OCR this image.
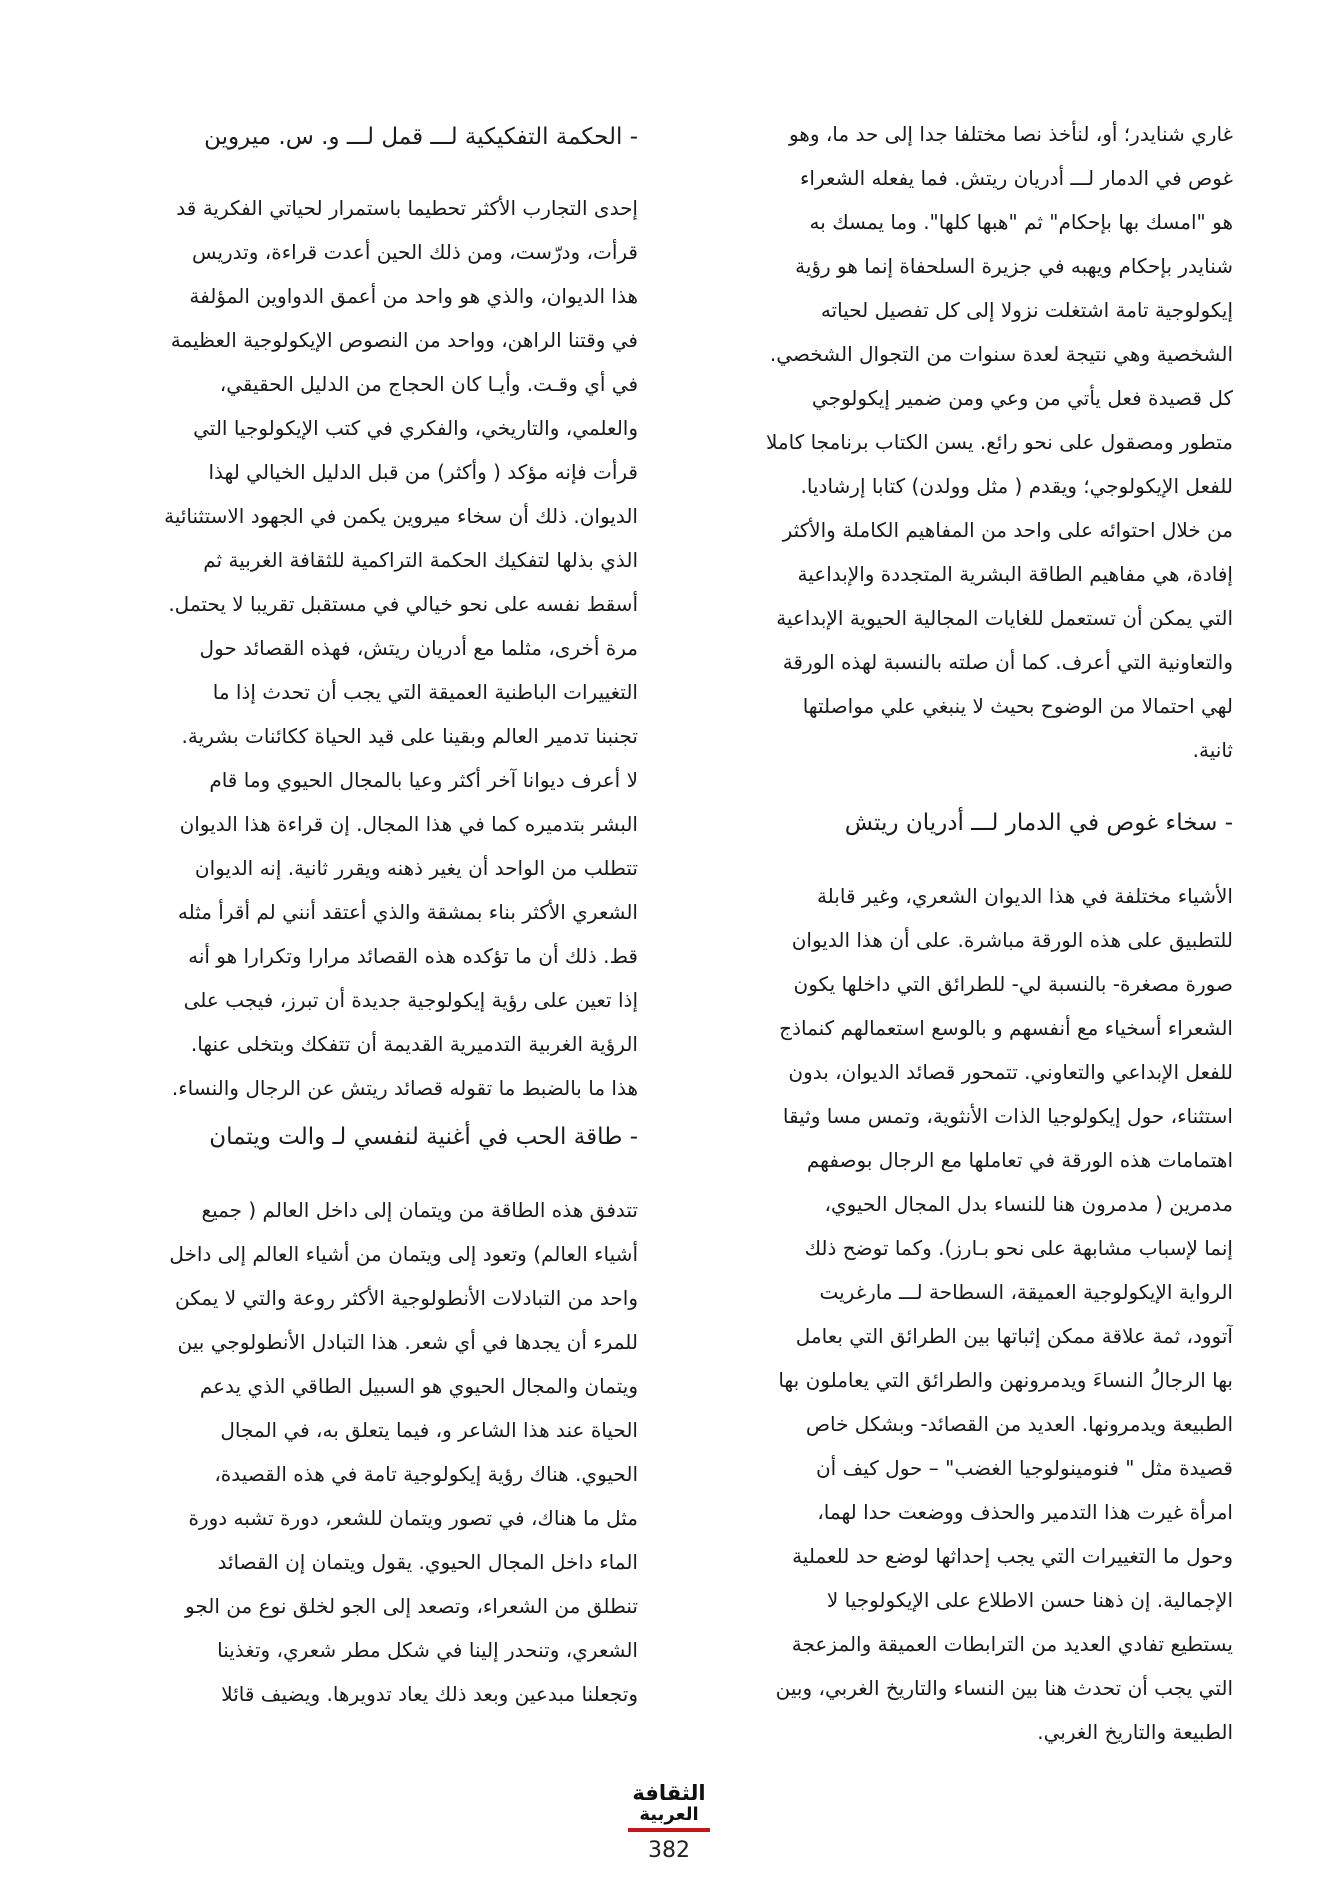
غاري شنايدر؛ أو، لنأخذ نصا مختلفا جدا إلى حد ما، وهو
غوص في الدمار لـــ أدريان ريتش. فما يفعله الشعراء
هو "امسك بها بإحكام" ثم "هبها كلها". وما يمسك به
شنايدر بإحكام ويهبه في جزيرة السلحفاة إنما هو رؤية
إيكولوجية تامة اشتغلت نزولا إلى كل تفصيل لحياته
الشخصية وهي نتيجة لعدة سنوات من التجوال الشخصي.
كل قصيدة فعل يأتي من وعي ومن ضمير إيكولوجي
متطور ومصقول على نحو رائع. يسن الكتاب برنامجا كاملا
للفعل الإيكولوجي؛ ويقدم ( مثل وولدن) كتابا إرشاديا.
من خلال احتوائه على واحد من المفاهيم الكاملة والأكثر
إفادة، هي مفاهيم الطاقة البشرية المتجددة والإبداعية
التي يمكن أن تستعمل للغايات المجالية الحيوية الإبداعية
والتعاونية التي أعرف. كما أن صلته بالنسبة لهذه الورقة
لهي احتمالا من الوضوح بحيث لا ينبغي علي مواصلتها
ثانية.
- سخاء غوص في الدمار لـــ أدريان ريتش
الأشياء مختلفة في هذا الديوان الشعري، وغير قابلة
للتطبيق على هذه الورقة مباشرة. على أن هذا الديوان
صورة مصغرة- بالنسبة لي- للطرائق التي داخلها يكون
الشعراء أسخياء مع أنفسهم و بالوسع استعمالهم كنماذج
للفعل الإبداعي والتعاوني. تتمحور قصائد الديوان، بدون
استثناء، حول إيكولوجيا الذات الأنثوية، وتمس مسا وثيقا
اهتمامات هذه الورقة في تعاملها مع الرجال بوصفهم
مدمرين ( مدمرون هنا للنساء بدل المجال الحيوي،
إنما لإسباب مشابهة على نحو بـارز). وكما توضح ذلك
الرواية الإيكولوجية العميقة، السطاحة لـــ مارغريت
آتوود، ثمة علاقة ممكن إثباتها بين الطرائق التي بعامل
بها الرجالُ النساءَ ويدمرونهن والطرائق التي يعاملون بها
الطبيعة ويدمرونها. العديد من القصائد- وبشكل خاص
قصيدة مثل " فنومينولوجيا الغضب" – حول كيف أن
امرأة غيرت هذا التدمير والحذف ووضعت حدا لهما،
وحول ما التغييرات التي يجب إحداثها لوضع حد للعملية
الإجمالية. إن ذهنا حسن الاطلاع على الإيكولوجيا لا
يستطيع تفادي العديد من الترابطات العميقة والمزعجة
التي يجب أن تحدث هنا بين النساء والتاريخ الغربي، وبين
الطبيعة والتاريخ الغربي.
- الحكمة التفكيكية لـــ قمل لـــ و. س. ميروين
إحدى التجارب الأكثر تحطيما باستمرار لحياتي الفكرية قد
قرأت، ودرّست، ومن ذلك الحين أعدت قراءة، وتدريس
هذا الديوان، والذي هو واحد من أعمق الدواوين المؤلفة
في وقتنا الراهن، وواحد من النصوص الإيكولوجية العظيمة
في أي وقـت. وأيـا كان الحجاج من الدليل الحقيقي،
والعلمي، والتاريخي، والفكري في كتب الإيكولوجيا التي
قرأت فإنه مؤكد ( وأكثر) من قبل الدليل الخيالي لهذا
الديوان. ذلك أن سخاء ميروين يكمن في الجهود الاستثنائية
الذي بذلها لتفكيك الحكمة التراكمية للثقافة الغربية ثم
أسقط نفسه على نحو خيالي في مستقبل تقريبا لا يحتمل.
مرة أخرى، مثلما مع أدريان ريتش، فهذه القصائد حول
التغييرات الباطنية العميقة التي يجب أن تحدث إذا ما
تجنبنا تدمير العالم وبقينا على قيد الحياة ككائنات بشرية.
لا أعرف ديوانا آخر أكثر وعيا بالمجال الحيوي وما قام
البشر بتدميره كما في هذا المجال. إن قراءة هذا الديوان
تتطلب من الواحد أن يغير ذهنه ويقرر ثانية. إنه الديوان
الشعري الأكثر بناء بمشقة والذي أعتقد أنني لم أقرأ مثله
قط. ذلك أن ما تؤكده هذه القصائد مرارا وتكرارا هو أنه
إذا تعين على رؤية إيكولوجية جديدة أن تبرز، فيجب على
الرؤية الغربية التدميرية القديمة أن تتفكك وبتخلى عنها.
هذا ما بالضبط ما تقوله قصائد ريتش عن الرجال والنساء.
- طاقة الحب في أغنية لنفسي لـ والت ويتمان
تتدفق هذه الطاقة من ويتمان إلى داخل العالم ( جميع
أشياء العالم) وتعود إلى ويتمان من أشياء العالم إلى داخل
واحد من التبادلات الأنطولوجية الأكثر روعة والتي لا يمكن
للمرء أن يجدها في أي شعر. هذا التبادل الأنطولوجي بين
ويتمان والمجال الحيوي هو السبيل الطاقي الذي يدعم
الحياة عند هذا الشاعر و، فيما يتعلق به، في المجال
الحيوي. هناك رؤية إيكولوجية تامة في هذه القصيدة،
مثل ما هناك، في تصور ويتمان للشعر، دورة تشبه دورة
الماء داخل المجال الحيوي. يقول ويتمان إن القصائد
تنطلق من الشعراء، وتصعد إلى الجو لخلق نوع من الجو
الشعري، وتنحدر إلينا في شكل مطر شعري، وتغذينا
وتجعلنا مبدعين وبعد ذلك يعاد تدويرها. ويضيف قائلا
الثقافة
العربية
382
